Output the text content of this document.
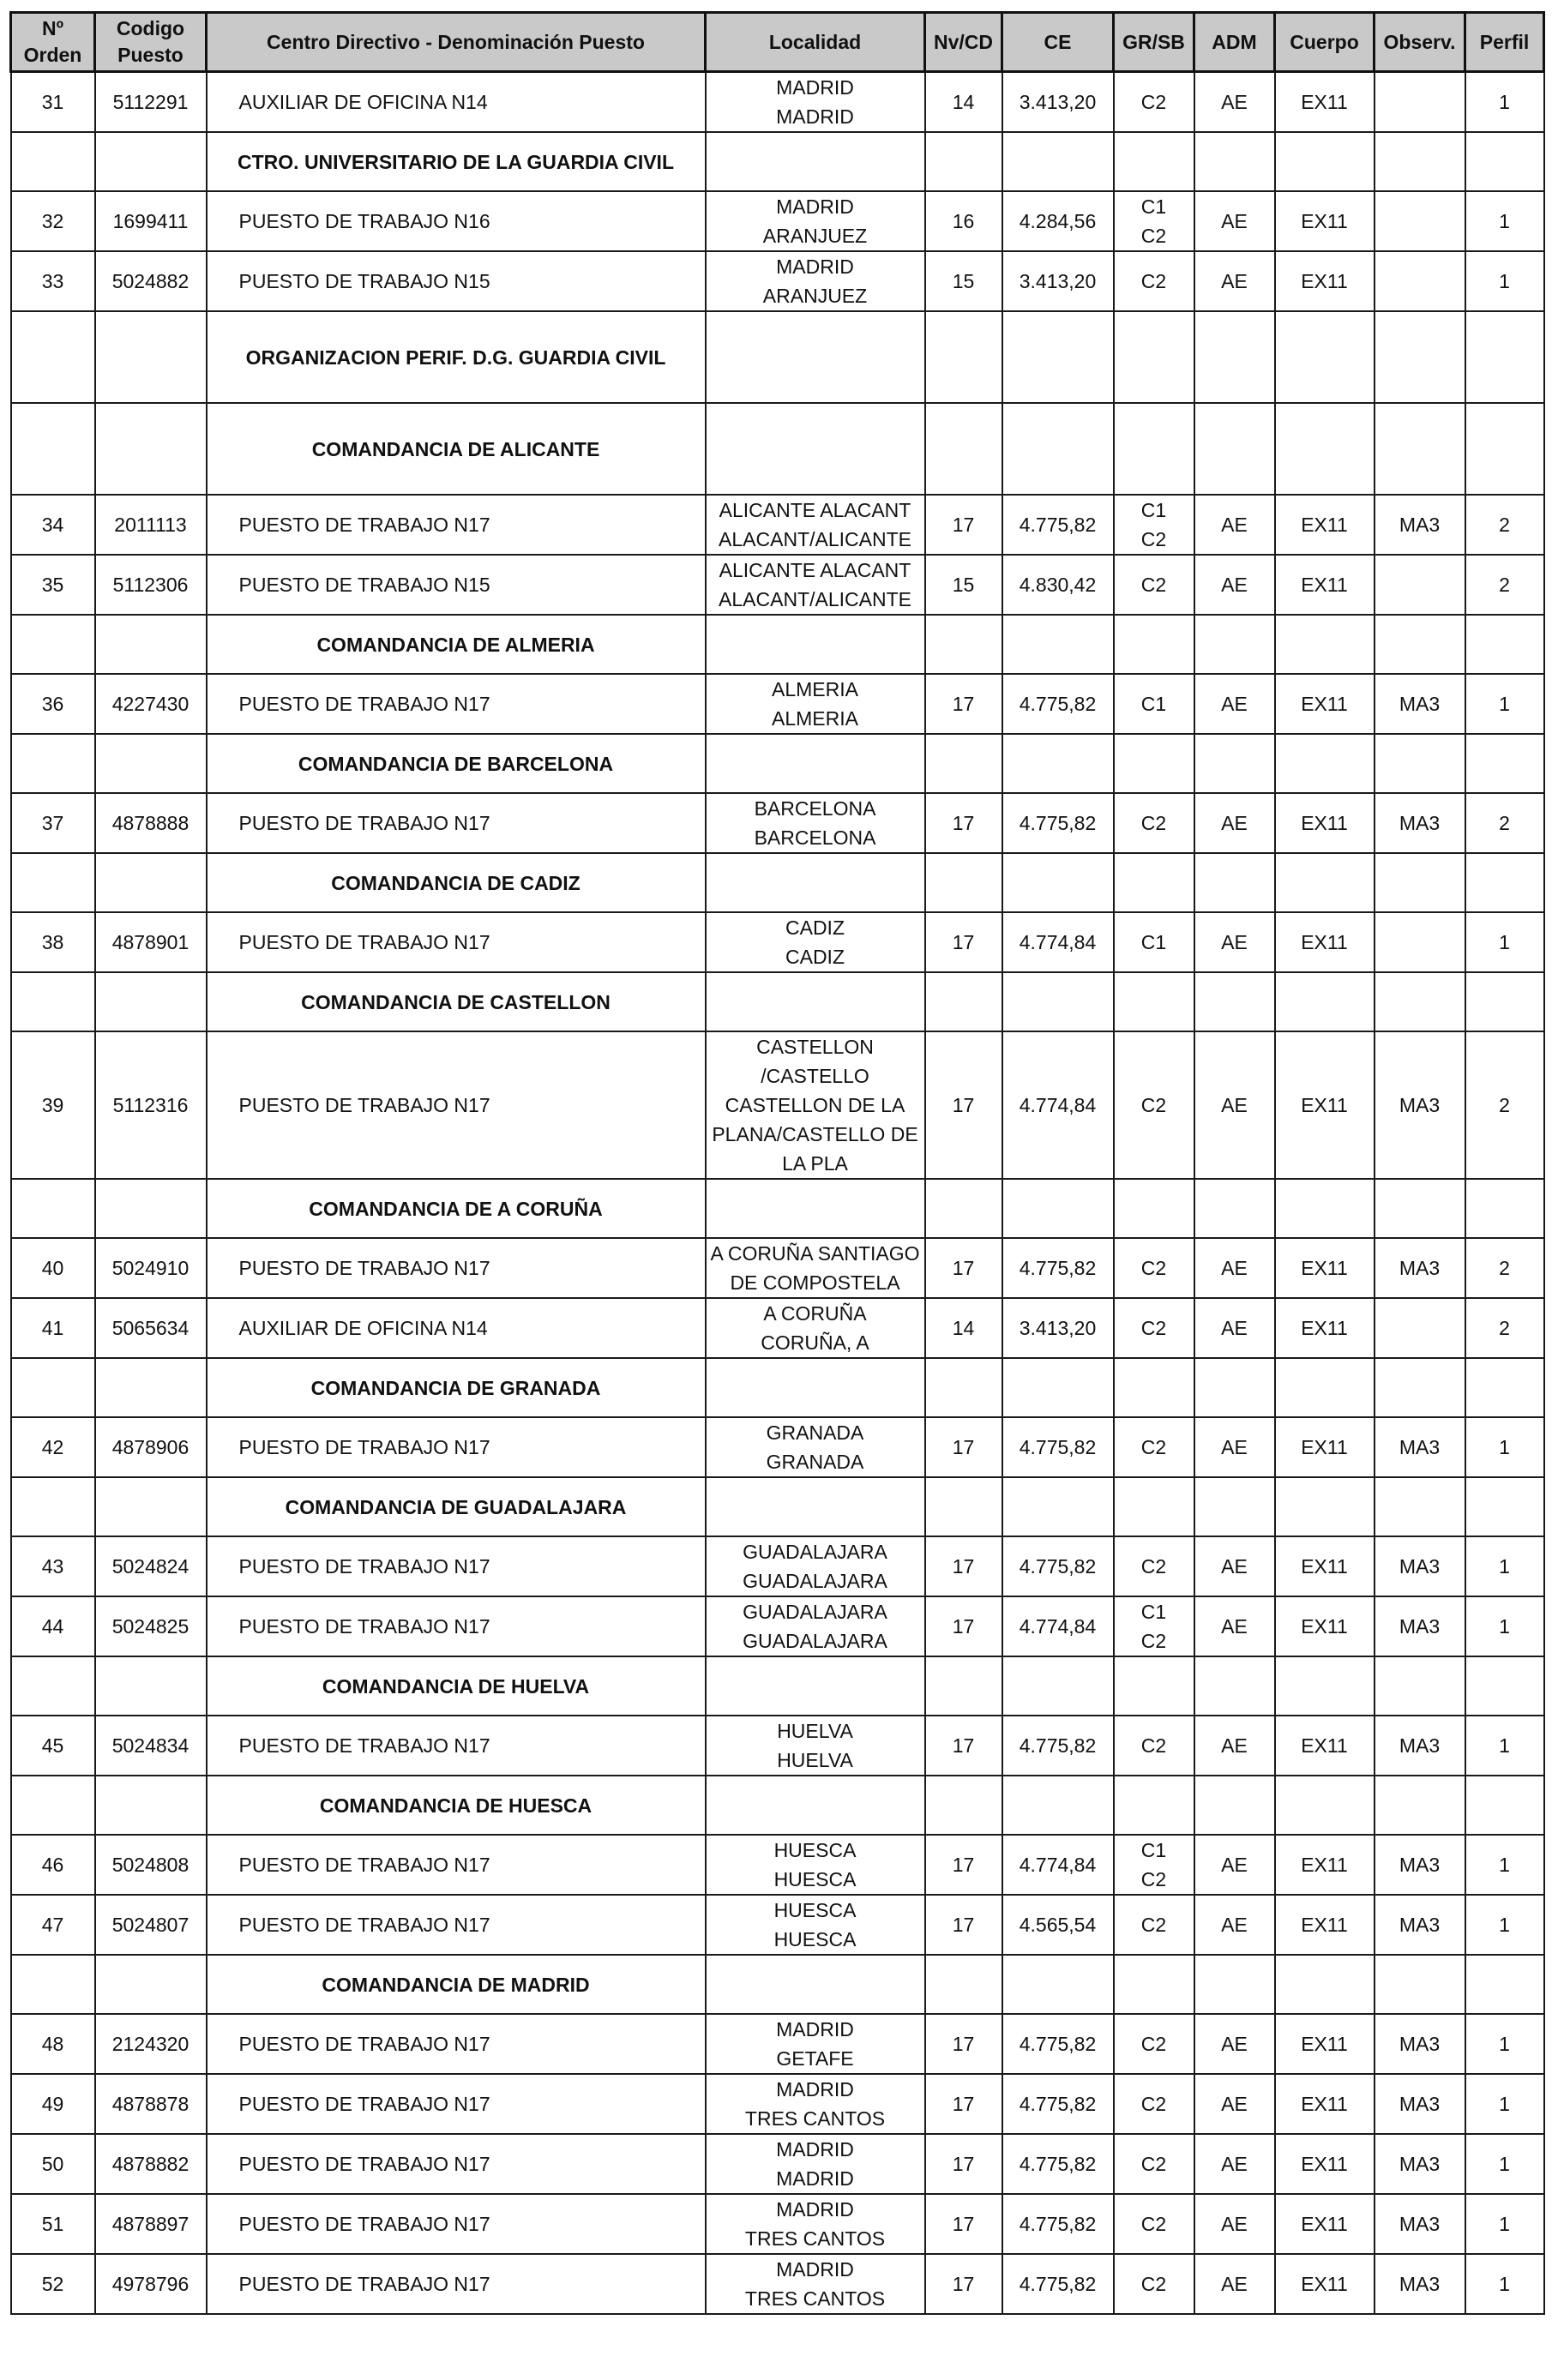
Nº
Orden	Codigo
Puesto	Centro Directivo - Denominación Puesto	Localidad	Nv/CD	CE	GR/SB	ADM	Cuerpo	Observ.	Perfil
31	5112291	AUXILIAR DE OFICINA N14	MADRID
MADRID	14	3.413,20	C2	AE	EX11		1
		CTRO. UNIVERSITARIO DE LA GUARDIA CIVIL								
32	1699411	PUESTO DE TRABAJO N16	MADRID
ARANJUEZ	16	4.284,56	C1
C2	AE	EX11		1
33	5024882	PUESTO DE TRABAJO N15	MADRID
ARANJUEZ	15	3.413,20	C2	AE	EX11		1
		ORGANIZACION PERIF. D.G. GUARDIA CIVIL								
		COMANDANCIA DE ALICANTE								
34	2011113	PUESTO DE TRABAJO N17	ALICANTE ALACANT
ALACANT/ALICANTE	17	4.775,82	C1
C2	AE	EX11	MA3	2
35	5112306	PUESTO DE TRABAJO N15	ALICANTE ALACANT
ALACANT/ALICANTE	15	4.830,42	C2	AE	EX11		2
		COMANDANCIA DE ALMERIA								
36	4227430	PUESTO DE TRABAJO N17	ALMERIA
ALMERIA	17	4.775,82	C1	AE	EX11	MA3	1
		COMANDANCIA DE BARCELONA								
37	4878888	PUESTO DE TRABAJO N17	BARCELONA
BARCELONA	17	4.775,82	C2	AE	EX11	MA3	2
		COMANDANCIA DE CADIZ								
38	4878901	PUESTO DE TRABAJO N17	CADIZ
CADIZ	17	4.774,84	C1	AE	EX11		1
		COMANDANCIA DE CASTELLON								
39	5112316	PUESTO DE TRABAJO N17	CASTELLON /CASTELLO
CASTELLON DE LA
PLANA/CASTELLO DE
LA PLA	17	4.774,84	C2	AE	EX11	MA3	2
		COMANDANCIA DE A CORUÑA								
40	5024910	PUESTO DE TRABAJO N17	A CORUÑA SANTIAGO
DE COMPOSTELA	17	4.775,82	C2	AE	EX11	MA3	2
41	5065634	AUXILIAR DE OFICINA N14	A CORUÑA
CORUÑA, A	14	3.413,20	C2	AE	EX11		2
		COMANDANCIA DE GRANADA								
42	4878906	PUESTO DE TRABAJO N17	GRANADA
GRANADA	17	4.775,82	C2	AE	EX11	MA3	1
		COMANDANCIA DE GUADALAJARA								
43	5024824	PUESTO DE TRABAJO N17	GUADALAJARA
GUADALAJARA	17	4.775,82	C2	AE	EX11	MA3	1
44	5024825	PUESTO DE TRABAJO N17	GUADALAJARA
GUADALAJARA	17	4.774,84	C1
C2	AE	EX11	MA3	1
		COMANDANCIA DE HUELVA								
45	5024834	PUESTO DE TRABAJO N17	HUELVA
HUELVA	17	4.775,82	C2	AE	EX11	MA3	1
		COMANDANCIA DE HUESCA								
46	5024808	PUESTO DE TRABAJO N17	HUESCA
HUESCA	17	4.774,84	C1
C2	AE	EX11	MA3	1
47	5024807	PUESTO DE TRABAJO N17	HUESCA
HUESCA	17	4.565,54	C2	AE	EX11	MA3	1
		COMANDANCIA DE MADRID								
48	2124320	PUESTO DE TRABAJO N17	MADRID
GETAFE	17	4.775,82	C2	AE	EX11	MA3	1
49	4878878	PUESTO DE TRABAJO N17	MADRID
TRES CANTOS	17	4.775,82	C2	AE	EX11	MA3	1
50	4878882	PUESTO DE TRABAJO N17	MADRID
MADRID	17	4.775,82	C2	AE	EX11	MA3	1
51	4878897	PUESTO DE TRABAJO N17	MADRID
TRES CANTOS	17	4.775,82	C2	AE	EX11	MA3	1
52	4978796	PUESTO DE TRABAJO N17	MADRID
TRES CANTOS	17	4.775,82	C2	AE	EX11	MA3	1
